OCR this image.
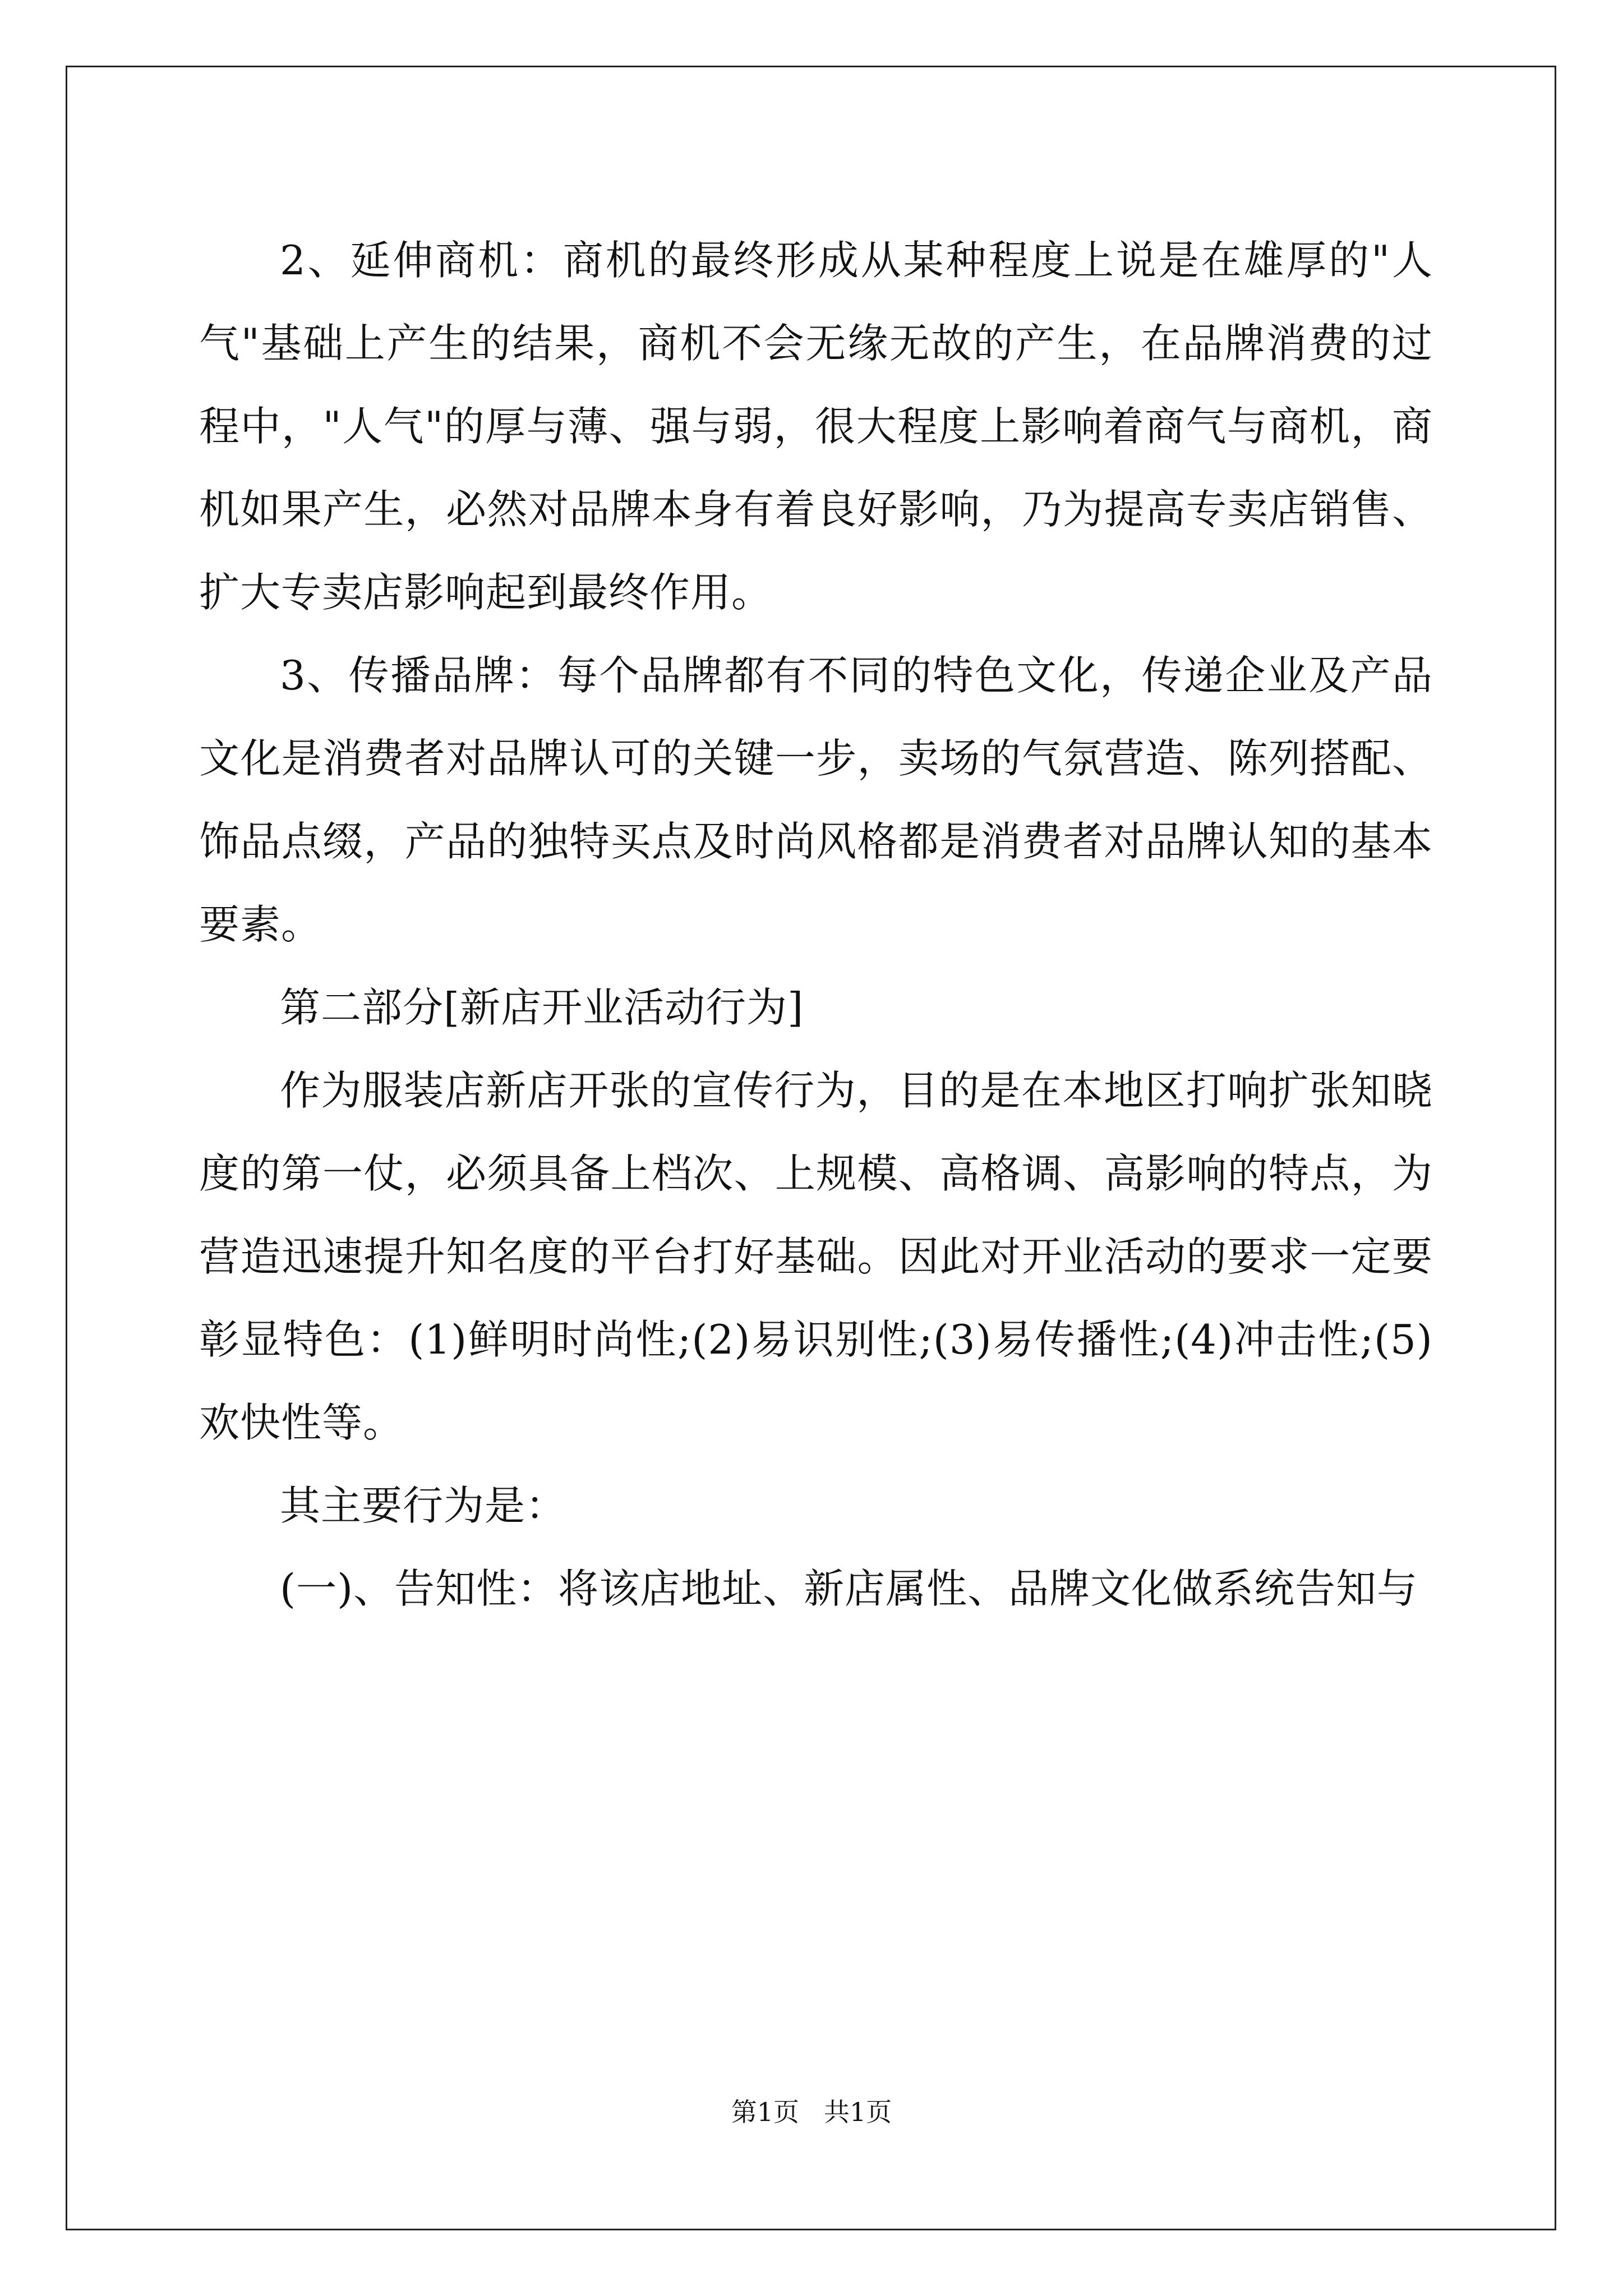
2、延伸商机：商机的最终形成从某种程度上说是在雄厚的"人气"基础上产生的结果，商机不会无缘无故的产生，在品牌消费的过程中，"人气"的厚与薄、强与弱，很大程度上影响着商气与商机，商机如果产生，必然对品牌本身有着良好影响，乃为提高专卖店销售、扩大专卖店影响起到最终作用。

3、传播品牌：每个品牌都有不同的特色文化，传递企业及产品文化是消费者对品牌认可的关键一步，卖场的气氛营造、陈列搭配、饰品点缀，产品的独特买点及时尚风格都是消费者对品牌认知的基本要素。

第二部分[新店开业活动行为]

作为服装店新店开张的宣传行为，目的是在本地区打响扩张知晓度的第一仗，必须具备上档次、上规模、高格调、高影响的特点，为营造迅速提升知名度的平台打好基础。因此对开业活动的要求一定要彰显特色：(1)鲜明时尚性;(2)易识别性;(3)易传播性;(4)冲击性;(5)欢快性等。

其主要行为是：

(一)、告知性：将该店地址、新店属性、品牌文化做系统告知与

第1页 共1页
